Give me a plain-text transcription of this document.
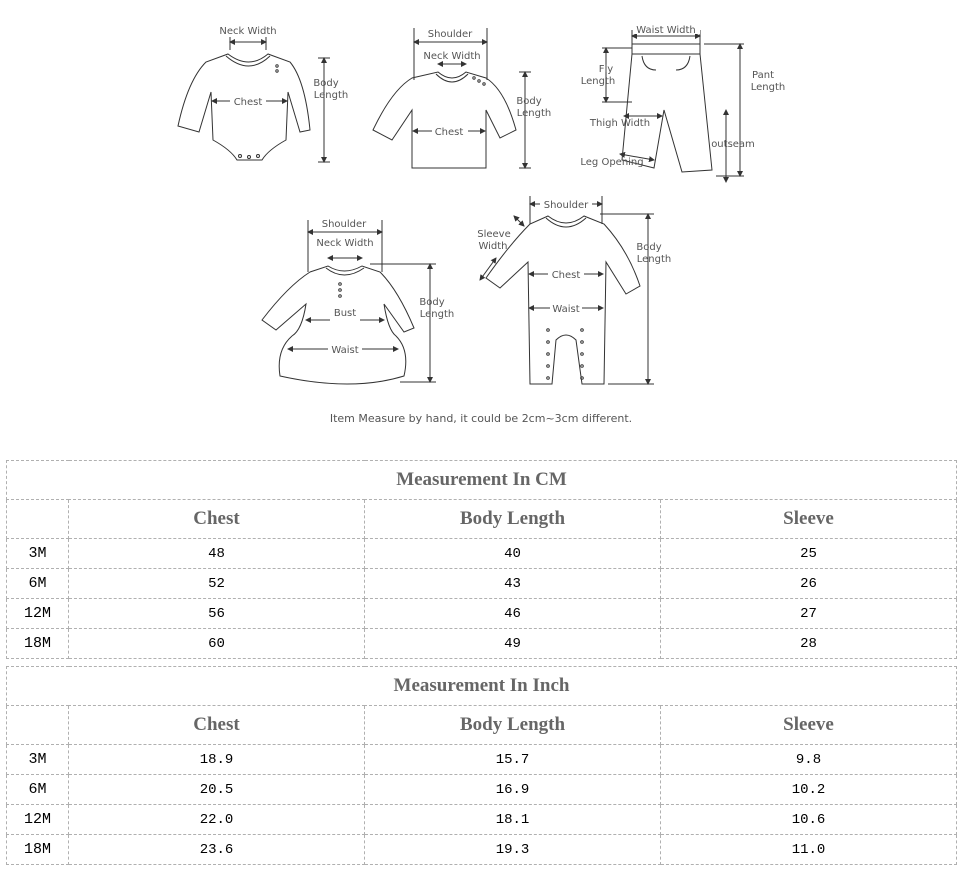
Neck Width
Chest
Body
Length
Shoulder
Neck Width
Chest
Body
Length
Waist Width
Fly
Length
Pant
Length
Thigh Width
outseam
Leg Opening
Shoulder
Neck Width
Bust
Waist
Body
Length
Shoulder
Sleeve
Width
Chest
Waist
Body
Length
Item Measure by hand, it could be 2cm~3cm different.
Measurement In CM			
	Chest	Body Length	Sleeve
3M	48	40	25
6M	52	43	26
12M	56	46	27
18M	60	49	28
Measurement In Inch			
	Chest	Body Length	Sleeve
3M	18.9	15.7	9.8
6M	20.5	16.9	10.2
12M	22.0	18.1	10.6
18M	23.6	19.3	11.0
